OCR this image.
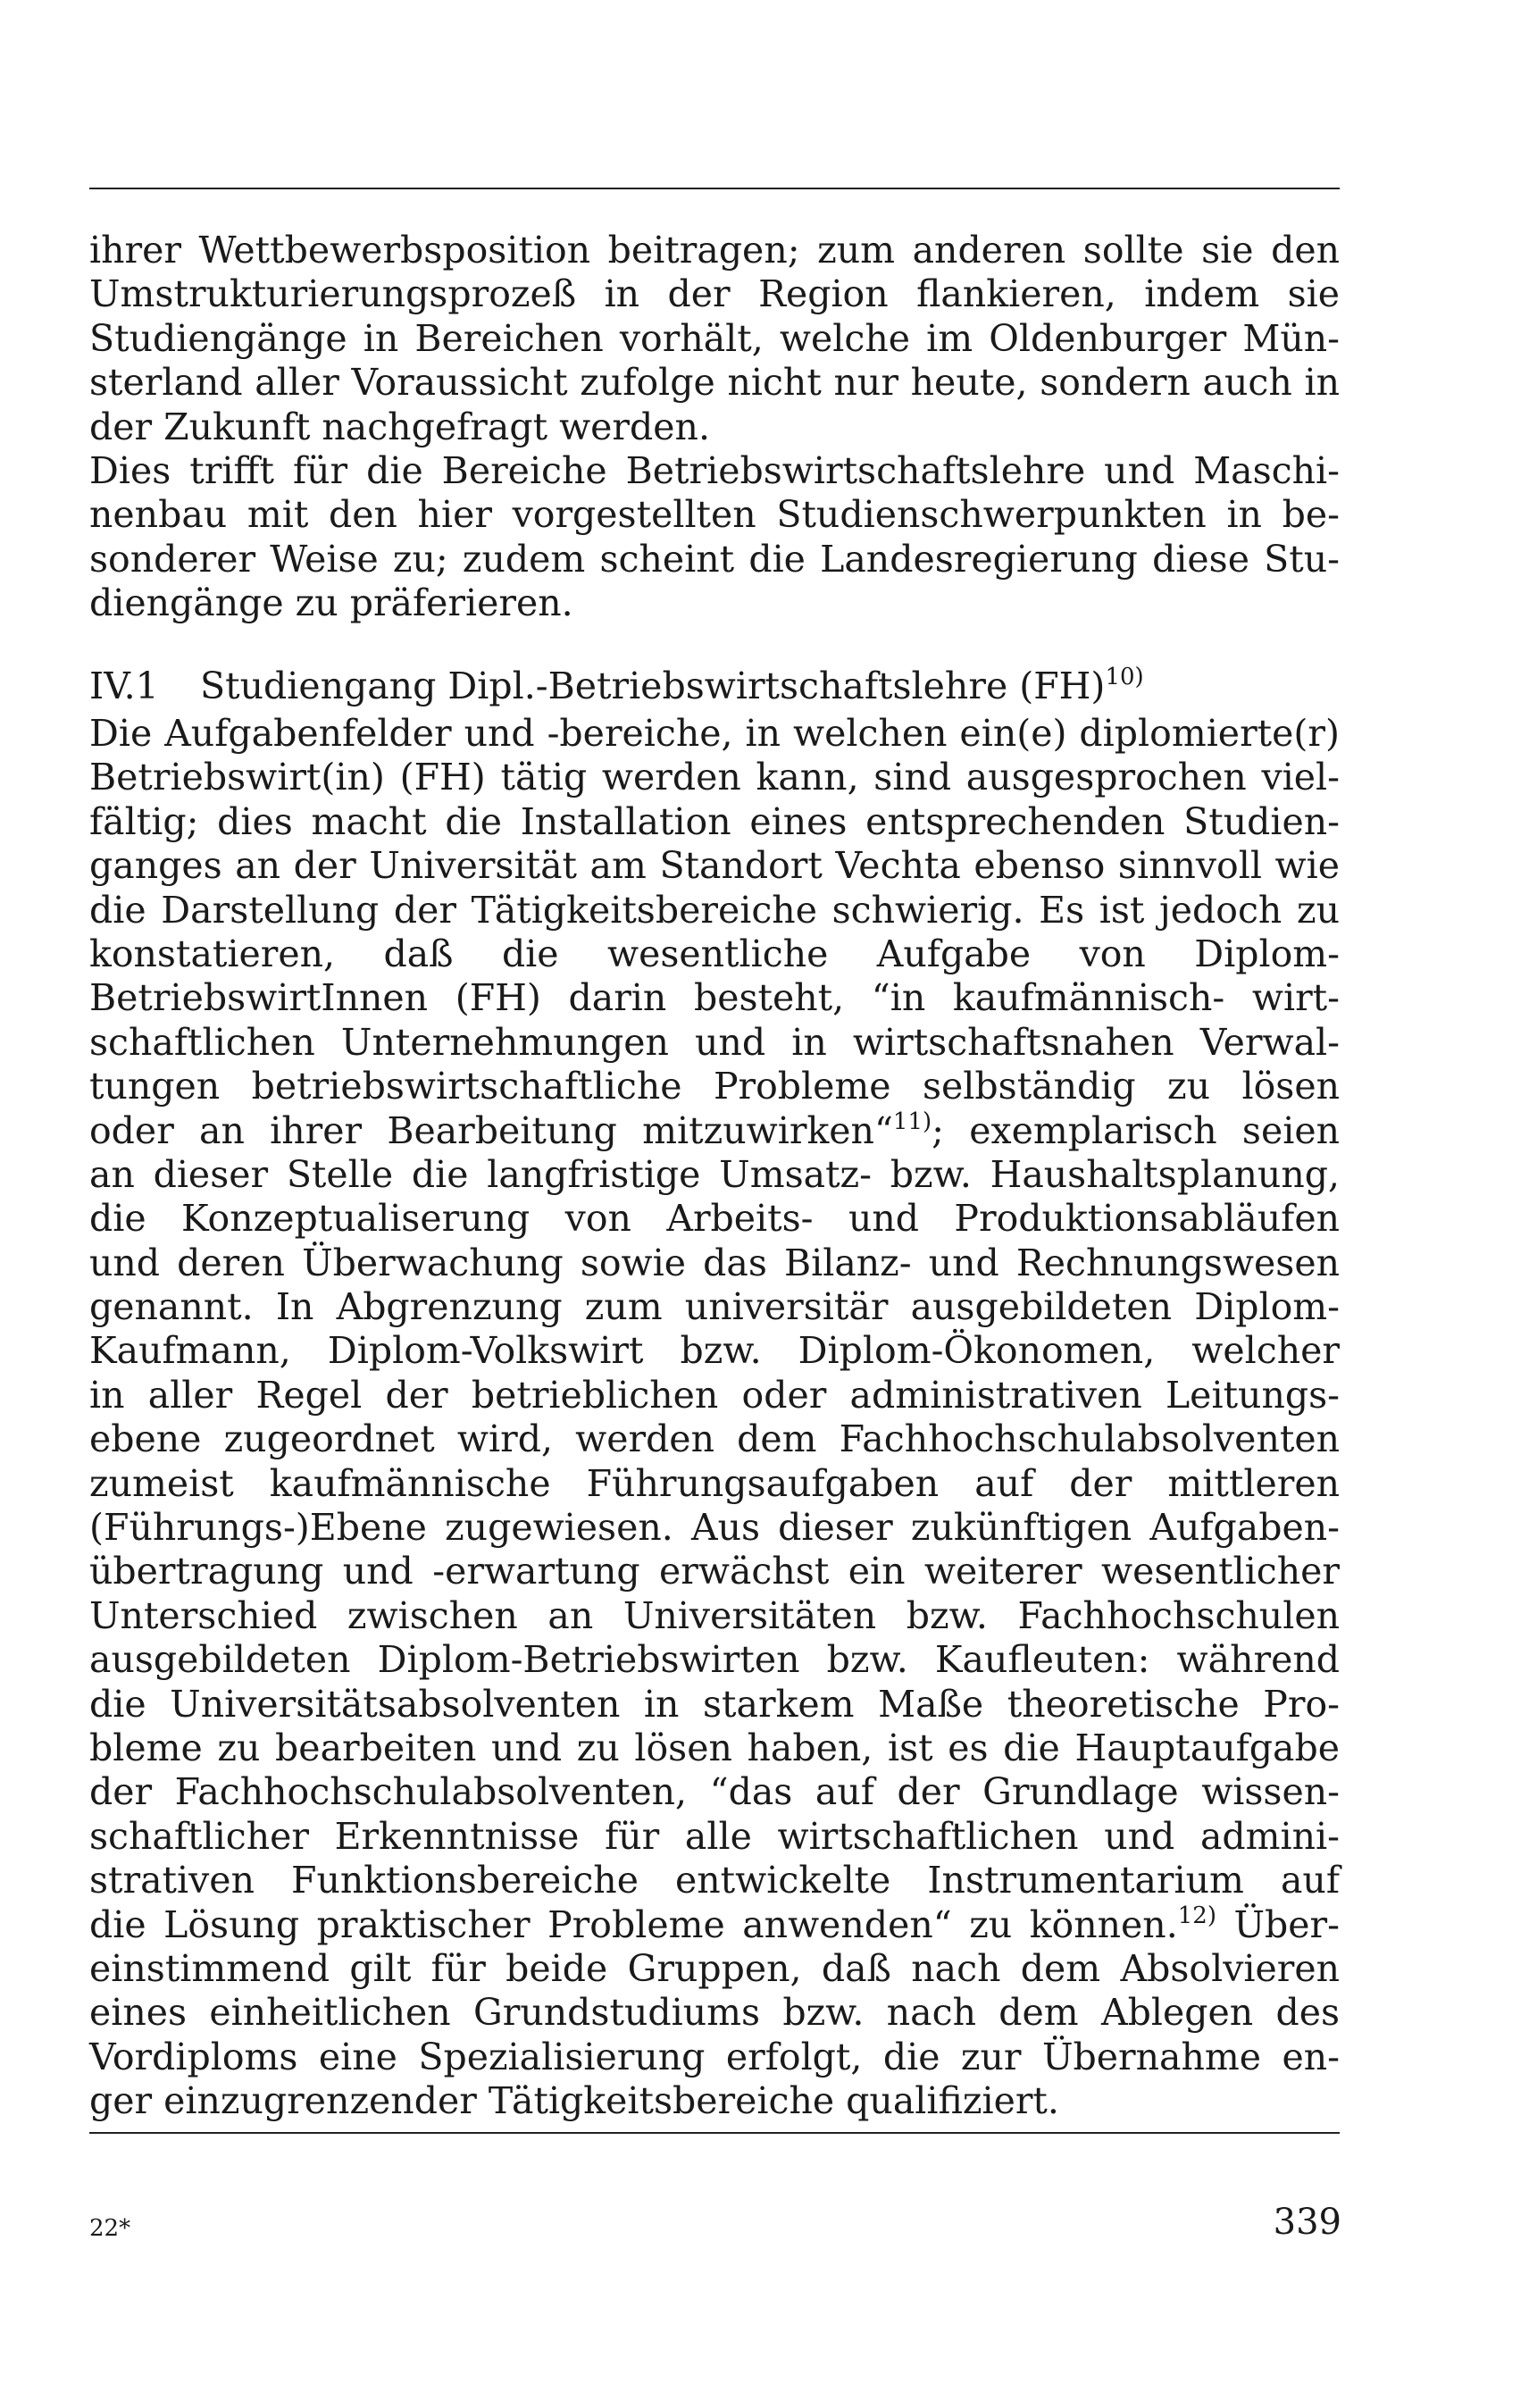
ihrer Wettbewerbsposition beitragen; zum anderen sollte sie den
Umstrukturierungsprozeß in der Region flankieren, indem sie
Studiengänge in Bereichen vorhält, welche im Oldenburger Mün-
sterland aller Voraussicht zufolge nicht nur heute, sondern auch in
der Zukunft nachgefragt werden.
Dies trifft für die Bereiche Betriebswirtschaftslehre und Maschi-
nenbau mit den hier vorgestellten Studienschwerpunkten in be-
sonderer Weise zu; zudem scheint die Landesregierung diese Stu-
diengänge zu präferieren.
IV.1 Studiengang Dipl.-Betriebswirtschaftslehre (FH)$^{10)}$
Die Aufgabenfelder und -bereiche, in welchen ein(e) diplomierte(r)
Betriebswirt(in) (FH) tätig werden kann, sind ausgesprochen viel-
fältig; dies macht die Installation eines entsprechenden Studien-
ganges an der Universität am Standort Vechta ebenso sinnvoll wie
die Darstellung der Tätigkeitsbereiche schwierig. Es ist jedoch zu
konstatieren, daß die wesentliche Aufgabe von Diplom-
BetriebswirtInnen (FH) darin besteht, “in kaufmännisch- wirt-
schaftlichen Unternehmungen und in wirtschaftsnahen Verwal-
tungen betriebswirtschaftliche Probleme selbständig zu lösen
oder an ihrer Bearbeitung mitzuwirken“$^{11)}$; exemplarisch seien
an dieser Stelle die langfristige Umsatz- bzw. Haushaltsplanung,
die Konzeptualiserung von Arbeits- und Produktionsabläufen
und deren Überwachung sowie das Bilanz- und Rechnungswesen
genannt. In Abgrenzung zum universitär ausgebildeten Diplom-
Kaufmann, Diplom-Volkswirt bzw. Diplom-Ökonomen, welcher
in aller Regel der betrieblichen oder administrativen Leitungs-
ebene zugeordnet wird, werden dem Fachhochschulabsolventen
zumeist kaufmännische Führungsaufgaben auf der mittleren
(Führungs-)Ebene zugewiesen. Aus dieser zukünftigen Aufgaben-
übertragung und -erwartung erwächst ein weiterer wesentlicher
Unterschied zwischen an Universitäten bzw. Fachhochschulen
ausgebildeten Diplom-Betriebswirten bzw. Kaufleuten: während
die Universitätsabsolventen in starkem Maße theoretische Pro-
bleme zu bearbeiten und zu lösen haben, ist es die Hauptaufgabe
der Fachhochschulabsolventen, “das auf der Grundlage wissen-
schaftlicher Erkenntnisse für alle wirtschaftlichen und admini-
strativen Funktionsbereiche entwickelte Instrumentarium auf
die Lösung praktischer Probleme anwenden“ zu können.$^{12)}$ Über-
einstimmend gilt für beide Gruppen, daß nach dem Absolvieren
eines einheitlichen Grundstudiums bzw. nach dem Ablegen des
Vordiploms eine Spezialisierung erfolgt, die zur Übernahme en-
ger einzugrenzender Tätigkeitsbereiche qualifiziert.
22*	339
